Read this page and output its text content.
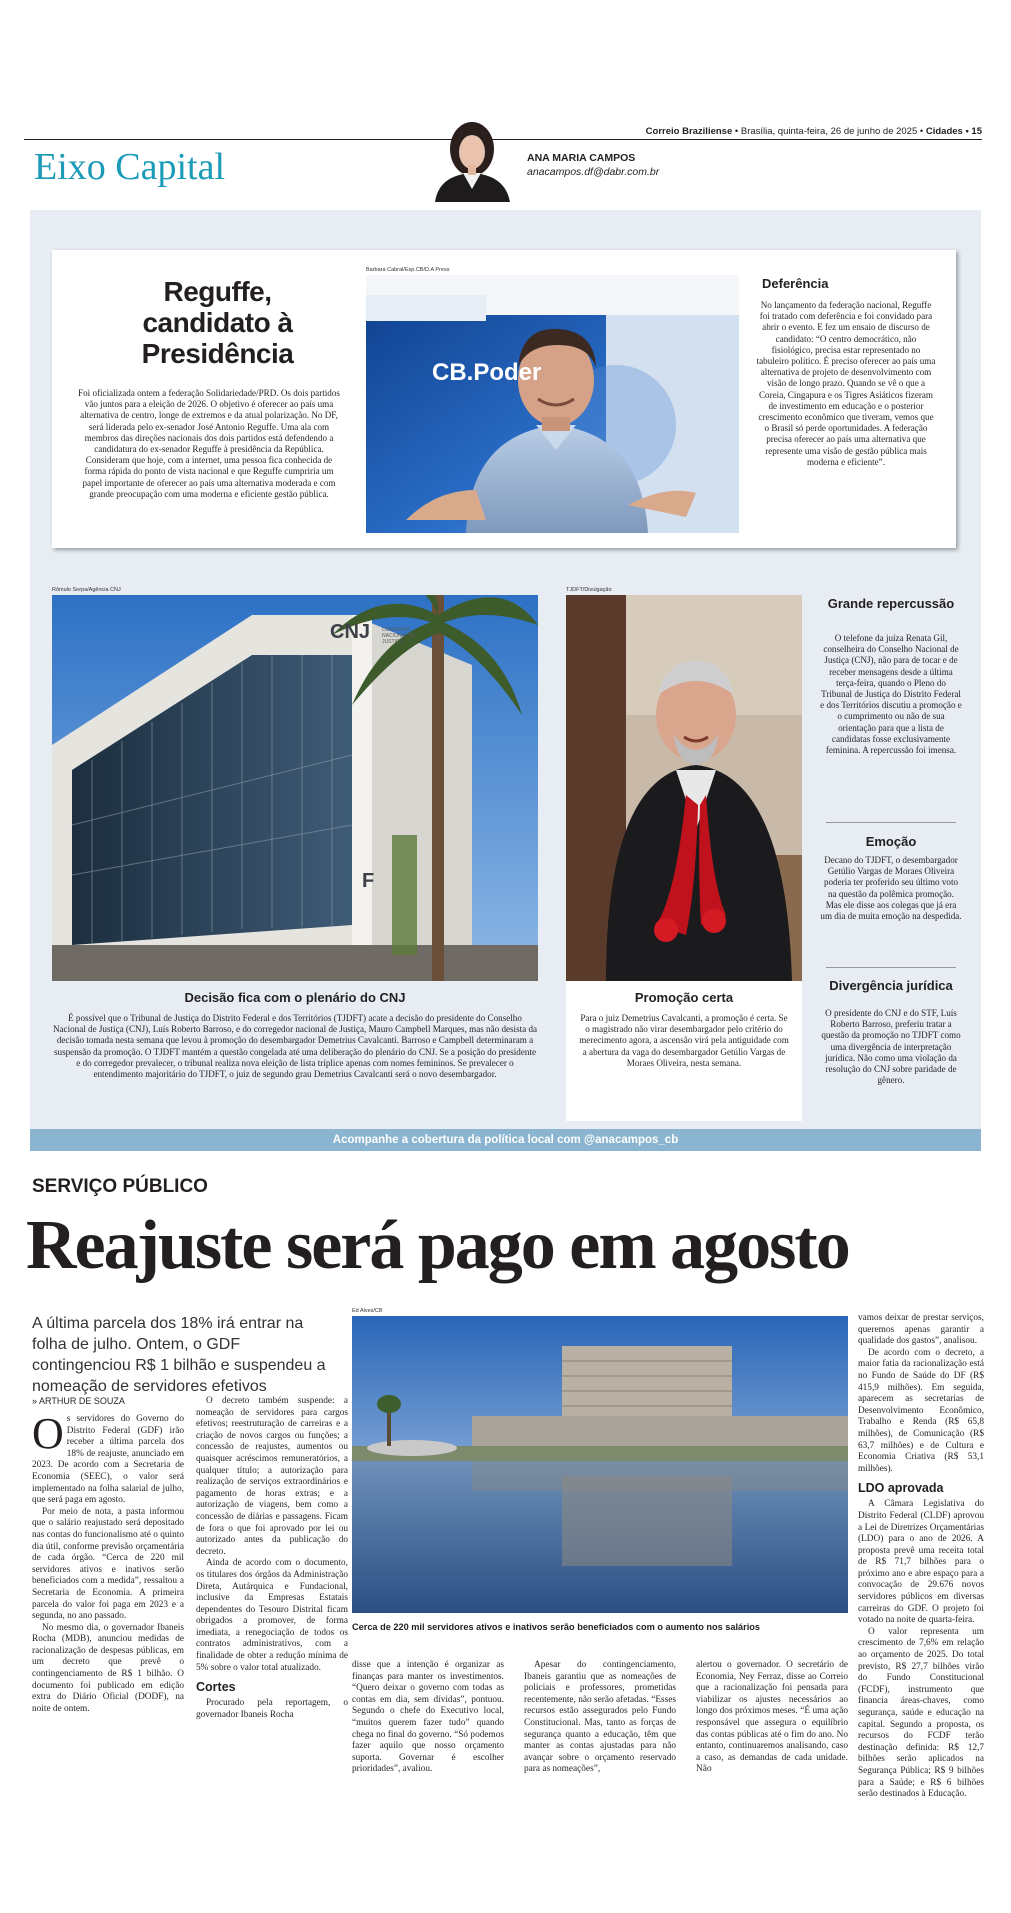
Correio Braziliense • Brasília, quinta-feira, 26 de junho de 2025 • Cidades • 15
Eixo Capital	ANA MARIA CAMPOS
anacampos.df@dabr.com.br
Reguffe, candidato à Presidência

Foi oficializada ontem a federação Solidariedade/PRD. Os dois partidos vão juntos para a eleição de 2026. O objetivo é oferecer ao país uma alternativa de centro, longe de extremos e da atual polarização. No DF, será liderada pelo ex-senador José Antonio Reguffe. Uma ala com membros das direções nacionais dos dois partidos está defendendo a candidatura do ex-senador Reguffe à presidência da República. Consideram que hoje, com a internet, uma pessoa fica conhecida de forma rápida do ponto de vista nacional e que Reguffe cumpriria um papel importante de oferecer ao país uma alternativa moderada e com grande preocupação com uma moderna e eficiente gestão pública.

Barbara Cabral/Esp.CB/D.A Press
CB.Poder
Deferência

No lançamento da federação nacional, Reguffe foi tratado com deferência e foi convidado para abrir o evento. E fez um ensaio de discurso de candidato: “O centro democrático, não fisiológico, precisa estar representado no tabuleiro político. É preciso oferecer ao país uma alternativa de projeto de desenvolvimento com visão de longo prazo. Quando se vê o que a Coreia, Cingapura e os Tigres Asiáticos fizeram de investimento em educação e o posterior crescimento econômico que tiveram, vemos que o Brasil só perde oportunidades. A federação precisa oferecer ao país uma alternativa que represente uma visão de gestão pública mais moderna e eficiente”.

Rômulo Serpa/Agência CNJ
CNJ CONSELHO NACIONAL DE JUSTIÇA
F
Decisão fica com o plenário do CNJ

É possível que o Tribunal de Justiça do Distrito Federal e dos Territórios (TJDFT) acate a decisão do presidente do Conselho Nacional de Justiça (CNJ), Luís Roberto Barroso, e do corregedor nacional de Justiça, Mauro Campbell Marques, mas não desista da decisão tomada nesta semana que levou à promoção do desembargador Demetrius Cavalcanti. Barroso e Campbell determinaram a suspensão da promoção. O TJDFT mantém a questão congelada até uma deliberação do plenário do CNJ. Se a posição do presidente e do corregedor prevalecer, o tribunal realiza nova eleição de lista tríplice apenas com nomes femininos. Se prevalecer o entendimento majoritário do TJDFT, o juiz de segundo grau Demetrius Cavalcanti será o novo desembargador.

TJDFT/Divulgação
Promoção certa

Para o juiz Demetrius Cavalcanti, a promoção é certa. Se o magistrado não virar desembargador pelo critério do merecimento agora, a ascensão virá pela antiguidade com a abertura da vaga do desembargador Getúlio Vargas de Moraes Oliveira, nesta semana.

Grande repercussão

O telefone da juíza Renata Gil, conselheira do Conselho Nacional de Justiça (CNJ), não para de tocar e de receber mensagens desde a última terça-feira, quando o Pleno do Tribunal de Justiça do Distrito Federal e dos Territórios discutiu a promoção e o cumprimento ou não de sua orientação para que a lista de candidatas fosse exclusivamente feminina. A repercussão foi imensa.

Emoção

Decano do TJDFT, o desembargador Getúlio Vargas de Moraes Oliveira poderia ter proferido seu último voto na questão da polêmica promoção. Mas ele disse aos colegas que já era um dia de muita emoção na despedida.

Divergência jurídica

O presidente do CNJ e do STF, Luís Roberto Barroso, preferiu tratar a questão da promoção no TJDFT como uma divergência de interpretação jurídica. Não como uma violação da resolução do CNJ sobre paridade de gênero.

Acompanhe a cobertura da política local com @anacampos_cb
SERVIÇO PÚBLICO
Reajuste será pago em agosto
A última parcela dos 18% irá entrar na folha de julho. Ontem, o GDF contingenciou R$ 1 bilhão e suspendeu a nomeação de servidores efetivos
» ARTHUR DE SOUZA

Os servidores do Governo do Distrito Federal (GDF) irão receber a última parcela dos 18% de reajuste, anunciado em 2023. De acordo com a Secretaria de Economia (SEEC), o valor será implementado na folha salarial de julho, que será paga em agosto.

Por meio de nota, a pasta informou que o salário reajustado será depositado nas contas do funcionalismo até o quinto dia útil, conforme previsão orçamentária de cada órgão. “Cerca de 220 mil servidores ativos e inativos serão beneficiados com a medida”, ressaltou a Secretaria de Economia. A primeira parcela do valor foi paga em 2023 e a segunda, no ano passado.

No mesmo dia, o governador Ibaneis Rocha (MDB), anunciou medidas de racionalização de despesas públicas, em um decreto que prevê o contingenciamento de R$ 1 bilhão. O documento foi publicado em edição extra do Diário Oficial (DODF), na noite de ontem.

O decreto também suspende: a nomeação de servidores para cargos efetivos; reestruturação de carreiras e a criação de novos cargos ou funções; a concessão de reajustes, aumentos ou quaisquer acréscimos remuneratórios, a qualquer título; a autorização para realização de serviços extraordinários e pagamento de horas extras; e a autorização de viagens, bem como a concessão de diárias e passagens. Ficam de fora o que foi aprovado por lei ou autorizado antes da publicação do decreto.

Ainda de acordo com o documento, os titulares dos órgãos da Administração Direta, Autárquica e Fundacional, inclusive da Empresas Estatais dependentes do Tesouro Distrital ficam obrigados a promover, de forma imediata, a renegociação de todos os contratos administrativos, com a finalidade de obter a redução mínima de 5% sobre o valor total atualizado.

Cortes

Procurado pela reportagem, o governador Ibaneis Rocha

Ed Alves/CB
Cerca de 220 mil servidores ativos e inativos serão beneficiados com o aumento nos salários

disse que a intenção é organizar as finanças para manter os investimentos. “Quero deixar o governo com todas as contas em dia, sem dívidas”, pontuou. Segundo o chefe do Executivo local, “muitos querem fazer tudo” quando chega no final do governo. “Só podemos fazer aquilo que nosso orçamento suporta. Governar é escolher prioridades”, avaliou.

Apesar do contingenciamento, Ibaneis garantiu que as nomeações de policiais e professores, prometidas recentemente, não serão afetadas. “Esses recursos estão assegurados pelo Fundo Constitucional. Mas, tanto as forças de segurança quanto a educação, têm que manter as contas ajustadas para não avançar sobre o orçamento reservado para as nomeações”,

alertou o governador. O secretário de Economia, Ney Ferraz, disse ao Correio que a racionalização foi pensada para viabilizar os ajustes necessários ao longo dos próximos meses. “É uma ação responsável que assegura o equilíbrio das contas públicas até o fim do ano. No entanto, continuaremos analisando, caso a caso, as demandas de cada unidade. Não

vamos deixar de prestar serviços, queremos apenas garantir a qualidade dos gastos”, analisou.

De acordo com o decreto, a maior fatia da racionalização está no Fundo de Saúde do DF (R$ 415,9 milhões). Em seguida, aparecem as secretarias de Desenvolvimento Econômico, Trabalho e Renda (R$ 65,8 milhões), de Comunicação (R$ 63,7 milhões) e de Cultura e Economia Criativa (R$ 53,1 milhões).

LDO aprovada

A Câmara Legislativa do Distrito Federal (CLDF) aprovou a Lei de Diretrizes Orçamentárias (LDO) para o ano de 2026. A proposta prevê uma receita total de R$ 71,7 bilhões para o próximo ano e abre espaço para a convocação de 29.676 novos servidores públicos em diversas carreiras do GDF. O projeto foi votado na noite de quarta-feira.

O valor representa um crescimento de 7,6% em relação ao orçamento de 2025. Do total previsto, R$ 27,7 bilhões virão do Fundo Constitucional (FCDF), instrumento que financia áreas-chaves, como segurança, saúde e educação na capital. Segundo a proposta, os recursos do FCDF terão destinação definida: R$ 12,7 bilhões serão aplicados na Segurança Pública; R$ 9 bilhões para a Saúde; e R$ 6 bilhões serão destinados à Educação.
